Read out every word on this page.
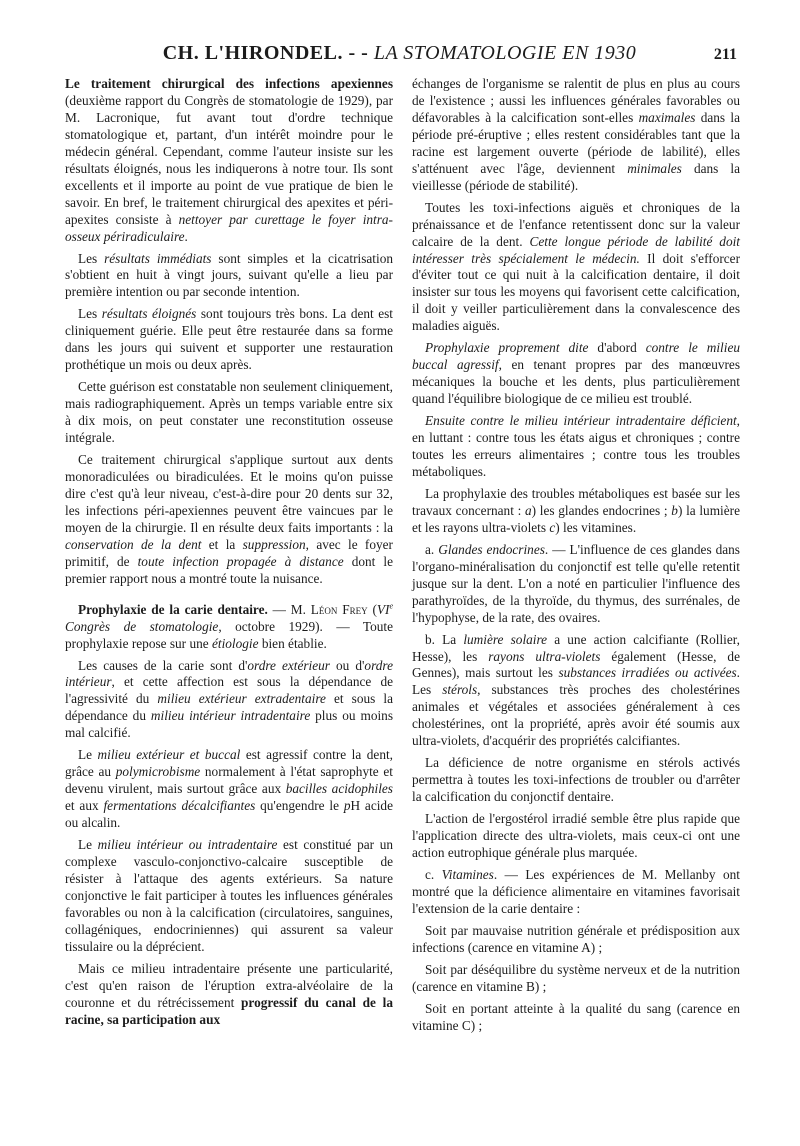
CH. L'HIRONDEL. - - LA STOMATOLOGIE EN 1930	211

Le traitement chirurgical des infections apexiennes (deuxième rapport du Congrès de stomatologie de 1929), par M. Lacronique, fut avant tout d'ordre technique stomatologique et, partant, d'un intérêt moindre pour le médecin général. Cependant, comme l'auteur insiste sur les résultats éloignés, nous les indiquerons à notre tour. Ils sont excellents et il importe au point de vue pratique de bien le savoir. En bref, le traitement chirurgical des apexites et péri-apexites consiste à nettoyer par curettage le foyer intra-osseux périradiculaire.

Les résultats immédiats sont simples et la cicatrisation s'obtient en huit à vingt jours, suivant qu'elle a lieu par première intention ou par seconde intention.

Les résultats éloignés sont toujours très bons. La dent est cliniquement guérie. Elle peut être restaurée dans sa forme dans les jours qui suivent et supporter une restauration prothétique un mois ou deux après.

Cette guérison est constatable non seulement cliniquement, mais radiographiquement. Après un temps variable entre six à dix mois, on peut constater une reconstitution osseuse intégrale.

Ce traitement chirurgical s'applique surtout aux dents monoradiculées ou biradiculées. Et le moins qu'on puisse dire c'est qu'à leur niveau, c'est-à-dire pour 20 dents sur 32, les infections péri-apexiennes peuvent être vaincues par le moyen de la chirurgie. Il en résulte deux faits importants : la conservation de la dent et la suppression, avec le foyer primitif, de toute infection propagée à distance dont le premier rapport nous a montré toute la nuisance.

Prophylaxie de la carie dentaire. — M. Léon Frey (VIe Congrès de stomatologie, octobre 1929). — Toute prophylaxie repose sur une étiologie bien établie.

Les causes de la carie sont d'ordre extérieur ou d'ordre intérieur, et cette affection est sous la dépendance de l'agressivité du milieu extérieur extradentaire et sous la dépendance du milieu intérieur intradentaire plus ou moins mal calcifié.

Le milieu extérieur et buccal est agressif contre la dent, grâce au polymicrobisme normalement à l'état saprophyte et devenu virulent, mais surtout grâce aux bacilles acidophiles et aux fermentations décalcifiantes qu'engendre le pH acide ou alcalin.

Le milieu intérieur ou intradentaire est constitué par un complexe vasculo-conjonctivo-calcaire susceptible de résister à l'attaque des agents extérieurs. Sa nature conjonctive le fait participer à toutes les influences générales favorables ou non à la calcification (circulatoires, sanguines, collagéniques, endocriniennes) qui assurent sa valeur tissulaire ou la déprécient.

Mais ce milieu intradentaire présente une particularité, c'est qu'en raison de l'éruption extra-alvéolaire de la couronne et du rétrécissement progressif du canal de la racine, sa participation aux

échanges de l'organisme se ralentit de plus en plus au cours de l'existence ; aussi les influences générales favorables ou défavorables à la calcification sont-elles maximales dans la période pré-éruptive ; elles restent considérables tant que la racine est largement ouverte (période de labilité), elles s'atténuent avec l'âge, deviennent minimales dans la vieillesse (période de stabilité).

Toutes les toxi-infections aiguës et chroniques de la prénaissance et de l'enfance retentissent donc sur la valeur calcaire de la dent. Cette longue période de labilité doit intéresser très spécialement le médecin. Il doit s'efforcer d'éviter tout ce qui nuit à la calcification dentaire, il doit insister sur tous les moyens qui favorisent cette calcification, il doit y veiller particulièrement dans la convalescence des maladies aiguës.

Prophylaxie proprement dite d'abord contre le milieu buccal agressif, en tenant propres par des manœuvres mécaniques la bouche et les dents, plus particulièrement quand l'équilibre biologique de ce milieu est troublé.

Ensuite contre le milieu intérieur intradentaire déficient, en luttant : contre tous les états aigus et chroniques ; contre toutes les erreurs alimentaires ; contre tous les troubles métaboliques.

La prophylaxie des troubles métaboliques est basée sur les travaux concernant : a) les glandes endocrines ; b) la lumière et les rayons ultra-violets c) les vitamines.

a. Glandes endocrines. — L'influence de ces glandes dans l'organo-minéralisation du conjonctif est telle qu'elle retentit jusque sur la dent. L'on a noté en particulier l'influence des parathyroïdes, de la thyroïde, du thymus, des surrénales, de l'hypophyse, de la rate, des ovaires.

b. La lumière solaire a une action calcifiante (Rollier, Hesse), les rayons ultra-violets également (Hesse, de Gennes), mais surtout les substances irradiées ou activées. Les stérols, substances très proches des cholestérines animales et végétales et associées généralement à ces cholestérines, ont la propriété, après avoir été soumis aux ultra-violets, d'acquérir des propriétés calcifiantes.

La déficience de notre organisme en stérols activés permettra à toutes les toxi-infections de troubler ou d'arrêter la calcification du conjonctif dentaire.

L'action de l'ergostérol irradié semble être plus rapide que l'application directe des ultra-violets, mais ceux-ci ont une action eutrophique générale plus marquée.

c. Vitamines. — Les expériences de M. Mellanby ont montré que la déficience alimentaire en vitamines favorisait l'extension de la carie dentaire :

Soit par mauvaise nutrition générale et prédisposition aux infections (carence en vitamine A) ;

Soit par déséquilibre du système nerveux et de la nutrition (carence en vitamine B) ;

Soit en portant atteinte à la qualité du sang (carence en vitamine C) ;
